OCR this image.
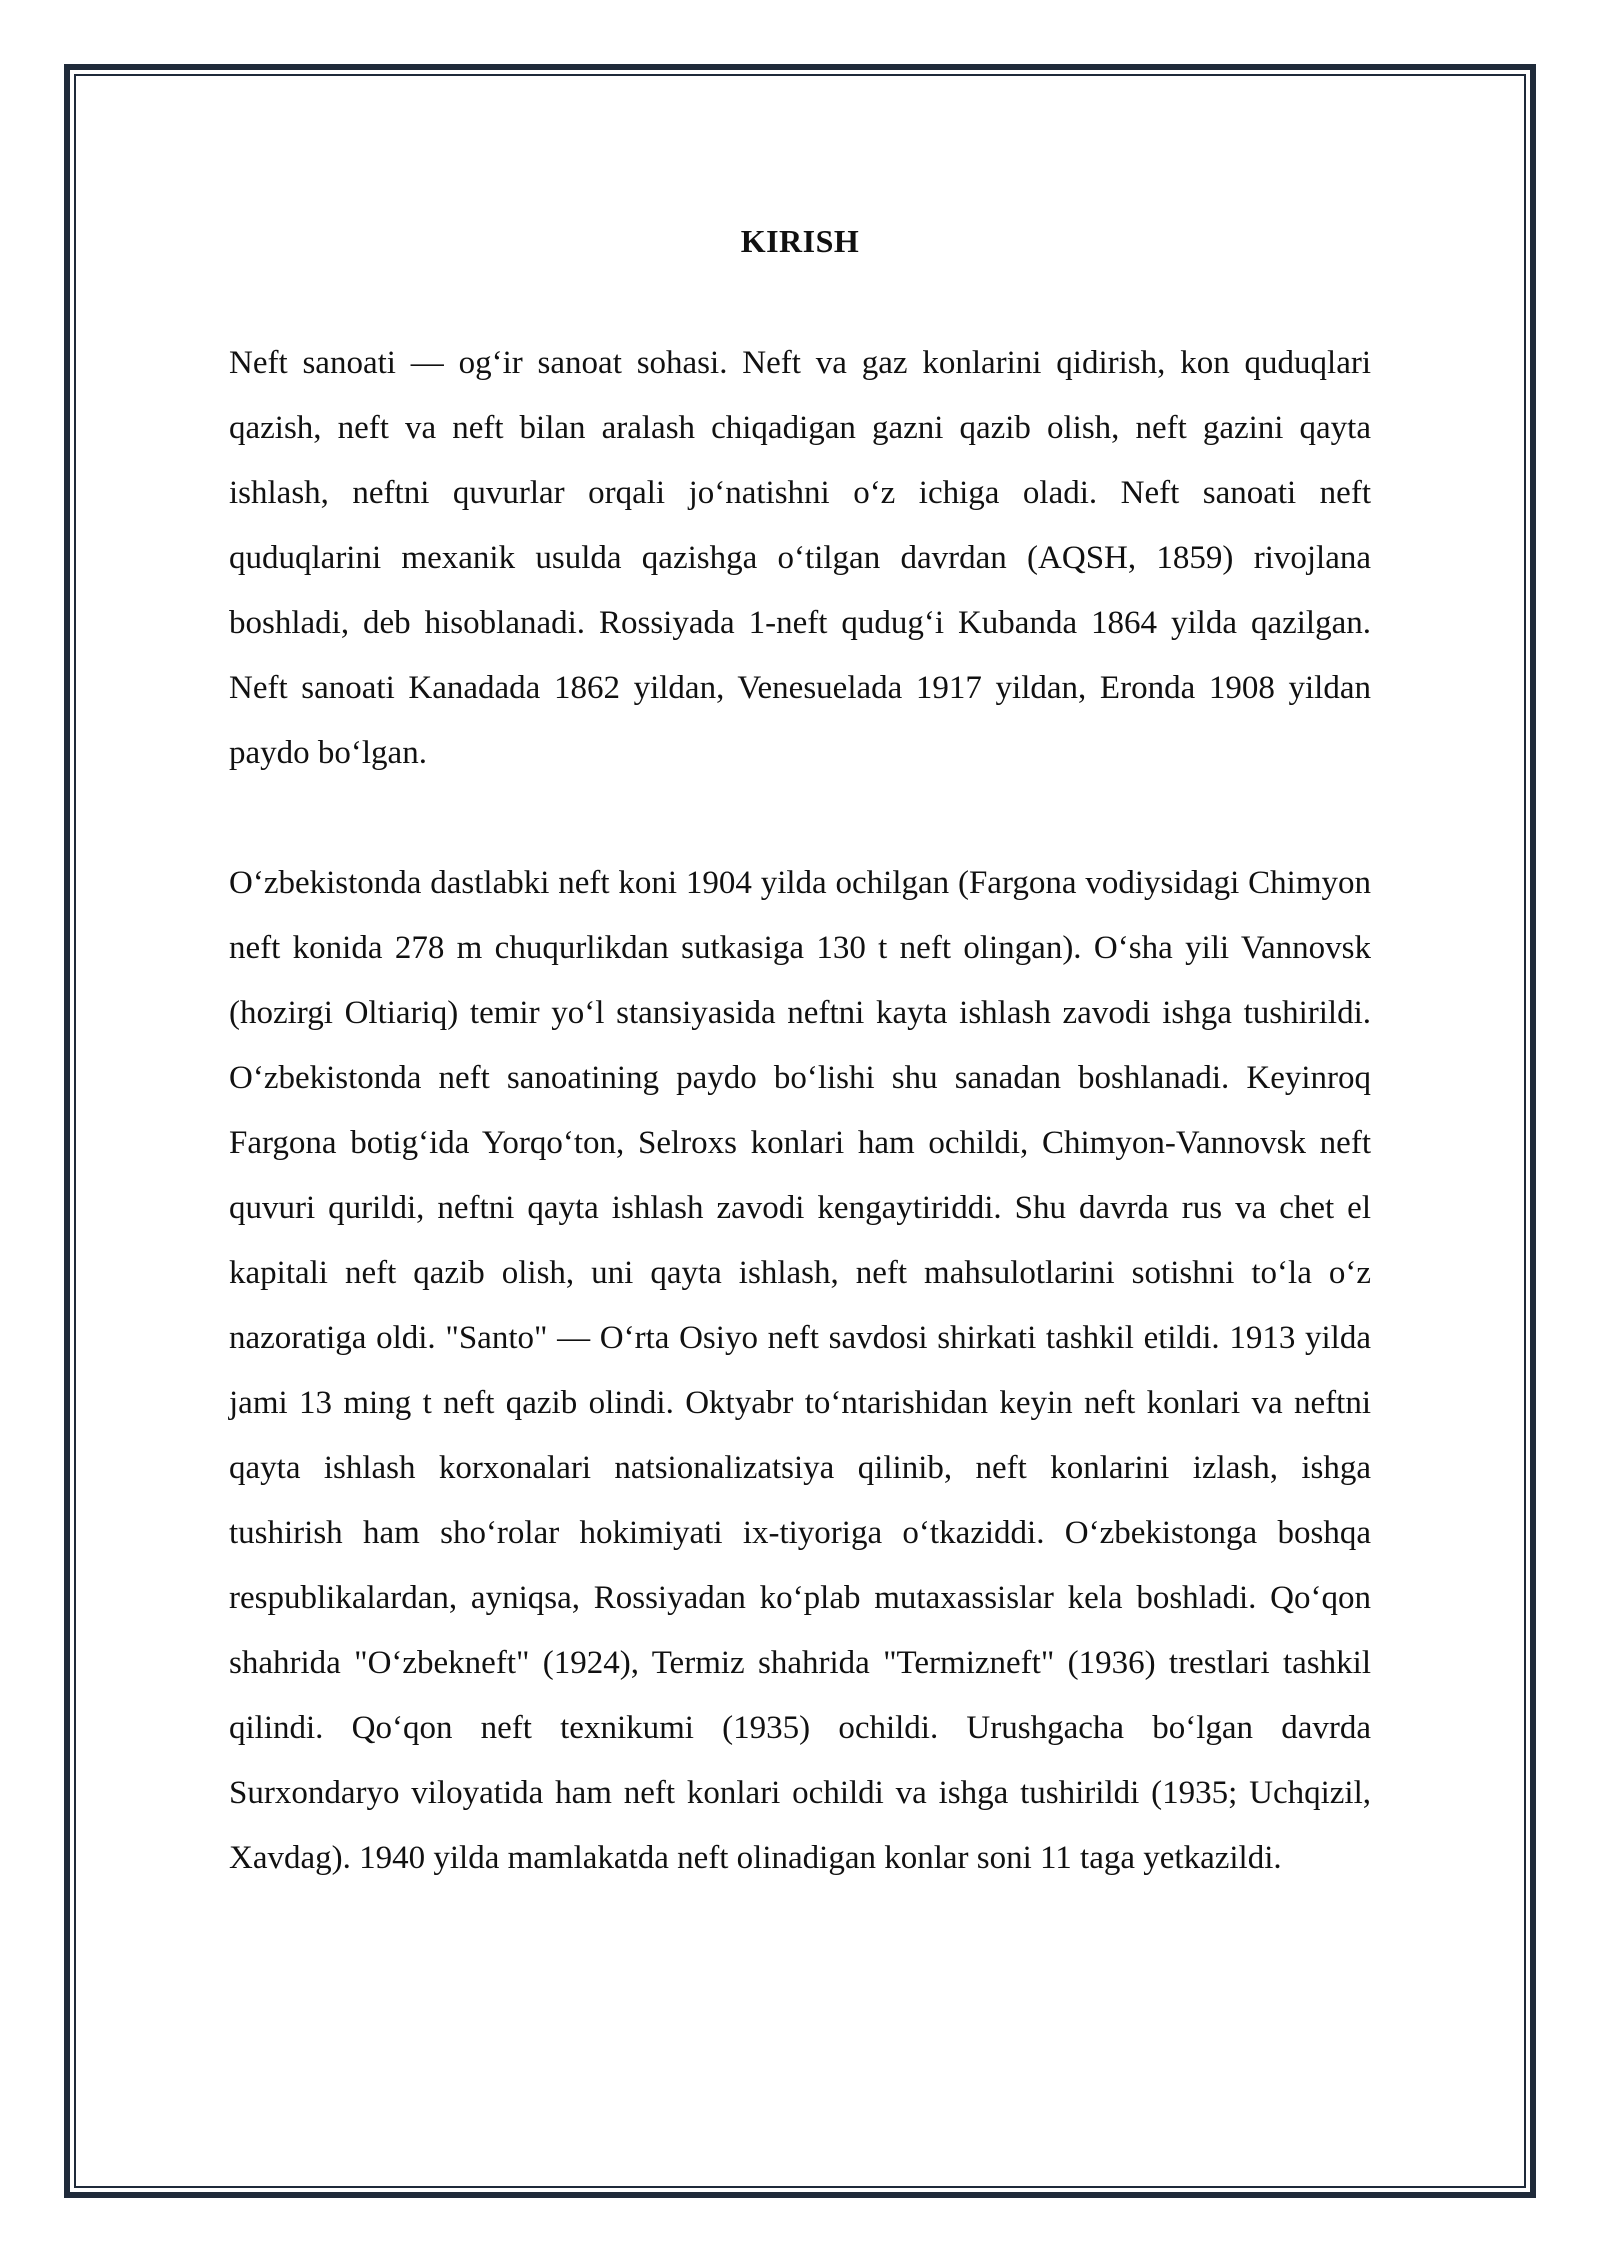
KIRISH

Neft sanoati — og‘ir sanoat sohasi. Neft va gaz konlarini qidirish, kon quduqlari qazish, neft va neft bilan aralash chiqadigan gazni qazib olish, neft gazini qayta ishlash, neftni quvurlar orqali jo‘natishni o‘z ichiga oladi. Neft sanoati neft quduqlarini mexanik usulda qazishga o‘tilgan davrdan (AQSH, 1859) rivojlana boshladi, deb hisoblanadi. Rossiyada 1-neft qudug‘i Kubanda 1864 yilda qazilgan. Neft sanoati Kanadada 1862 yildan, Venesuelada 1917 yildan, Eronda 1908 yildan paydo bo‘lgan.

O‘zbekistonda dastlabki neft koni 1904 yilda ochilgan (Fargona vodiysidagi Chimyon neft konida 278 m chuqurlikdan sutkasiga 130 t neft olingan). O‘sha yili Vannovsk (hozirgi Oltiariq) temir yo‘l stansiyasida neftni kayta ishlash zavodi ishga tushirildi. O‘zbekistonda neft sanoatining paydo bo‘lishi shu sanadan boshlanadi. Keyinroq Fargona botig‘ida Yorqo‘ton, Selroxs konlari ham ochildi, Chimyon-Vannovsk neft quvuri qurildi, neftni qayta ishlash zavodi kengaytiriddi. Shu davrda rus va chet el kapitali neft qazib olish, uni qayta ishlash, neft mahsulotlarini sotishni to‘la o‘z nazoratiga oldi. "Santo" — O‘rta Osiyo neft savdosi shirkati tashkil etildi. 1913 yilda jami 13 ming t neft qazib olindi. Oktyabr to‘ntarishidan keyin neft konlari va neftni qayta ishlash korxonalari natsionalizatsiya qilinib, neft konlarini izlash, ishga tushirish ham sho‘rolar hokimiyati ix-tiyoriga o‘tkaziddi. O‘zbekistonga boshqa respublikalardan, ayniqsa, Rossiyadan ko‘plab mutaxassislar kela boshladi. Qo‘qon shahrida "O‘zbekneft" (1924), Termiz shahrida "Termizneft" (1936) trestlari tashkil qilindi. Qo‘qon neft texnikumi (1935) ochildi. Urushgacha bo‘lgan davrda Surxondaryo viloyatida ham neft konlari ochildi va ishga tushirildi (1935; Uchqizil, Xavdag). 1940 yilda mamlakatda neft olinadigan konlar soni 11 taga yetkazildi.
